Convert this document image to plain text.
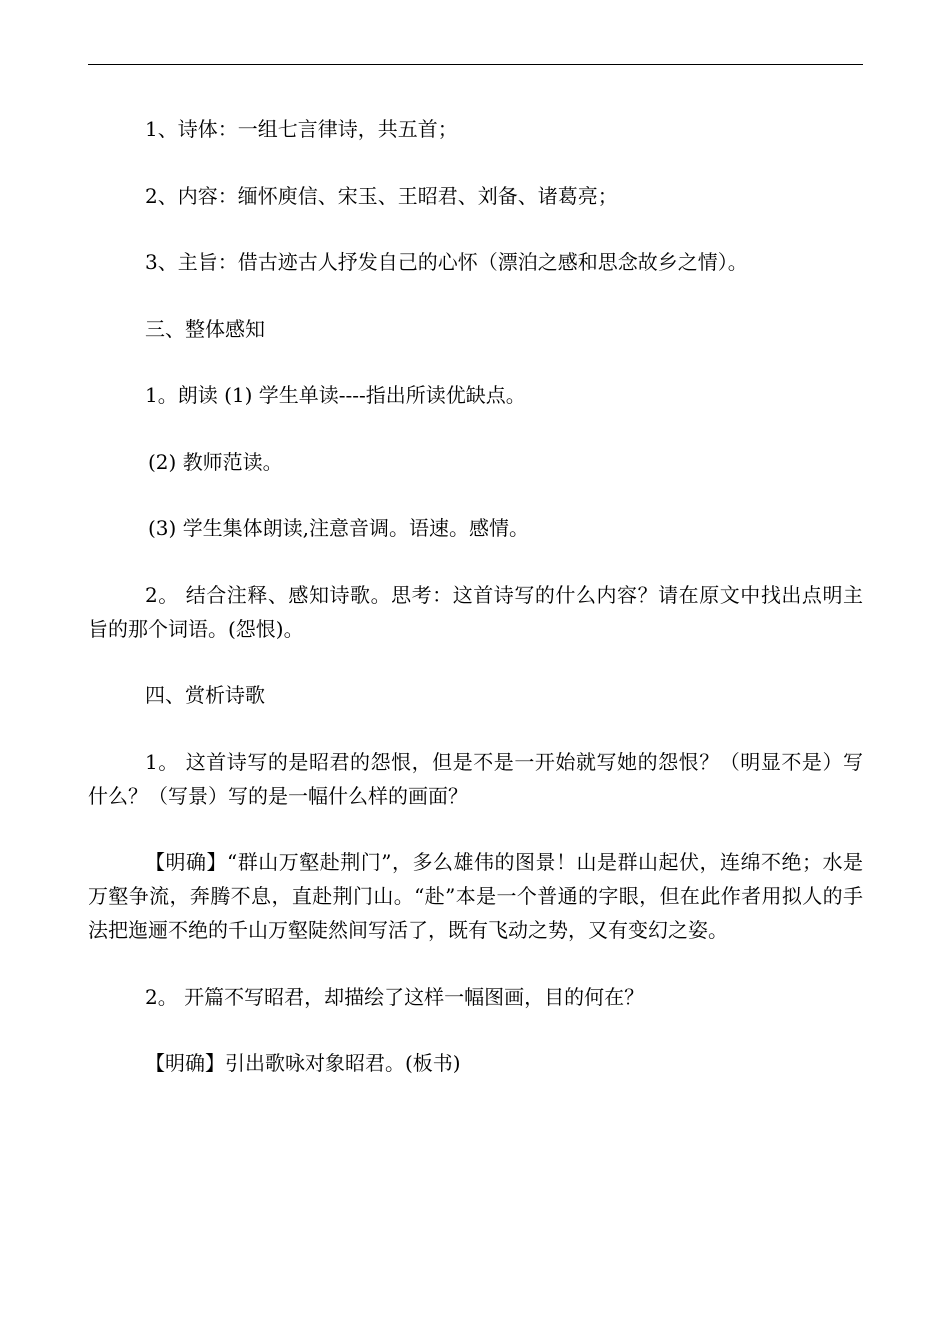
1、诗体：一组七言律诗，共五首；

2、内容：缅怀庾信、宋玉、王昭君、刘备、诸葛亮；

3、主旨：借古迹古人抒发自己的心怀（漂泊之感和思念故乡之情）。

三、整体感知

1。朗读 (1) 学生单读----指出所读优缺点。

(2) 教师范读。

(3) 学生集体朗读,注意音调。语速。感情。

2。 结合注释、感知诗歌。思考：这首诗写的什么内容？请在原文中找出点明主旨的那个词语。(怨恨)。

四、赏析诗歌

1。 这首诗写的是昭君的怨恨，但是不是一开始就写她的怨恨？（明显不是）写什么？（写景）写的是一幅什么样的画面？

【明确】“群山万壑赴荆门”，多么雄伟的图景！山是群山起伏，连绵不绝；水是万壑争流，奔腾不息，直赴荆门山。“赴”本是一个普通的字眼，但在此作者用拟人的手法把迤逦不绝的千山万壑陡然间写活了，既有飞动之势，又有变幻之姿。

2。 开篇不写昭君，却描绘了这样一幅图画，目的何在？

【明确】引出歌咏对象昭君。(板书)
